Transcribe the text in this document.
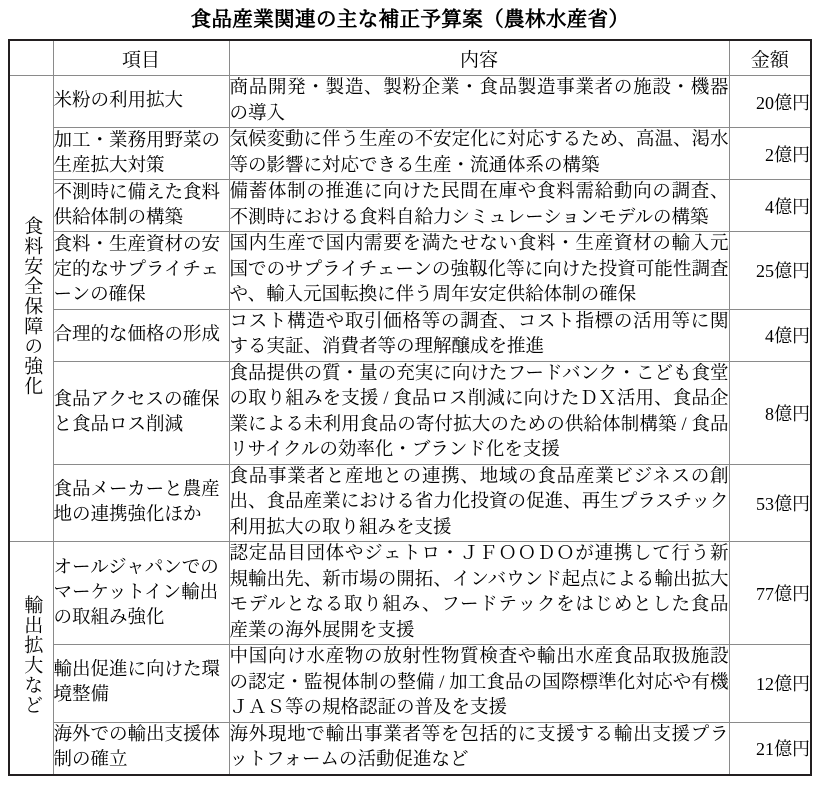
食品産業関連の主な補正予算案（農林水産省）
	項目	内容	金額
食料安全保障の強化	米粉の利用拡大	商品開発・製造、製粉企業・食品製造事業者の施設・機器の導入	20億円
	加工・業務用野菜の生産拡大対策	気候変動に伴う生産の不安定化に対応するため、高温、渇水等の影響に対応できる生産・流通体系の構築	2億円
	不測時に備えた食料供給体制の構築	備蓄体制の推進に向けた民間在庫や食料需給動向の調査、不測時における食料自給力シミュレーションモデルの構築	4億円
	食料・生産資材の安定的なサプライチェーンの確保	国内生産で国内需要を満たせない食料・生産資材の輸入元国でのサプライチェーンの強靱化等に向けた投資可能性調査や、輸入元国転換に伴う周年安定供給体制の確保	25億円
	合理的な価格の形成	コスト構造や取引価格等の調査、コスト指標の活用等に関する実証、消費者等の理解醸成を推進	4億円
	食品アクセスの確保と食品ロス削減	食品提供の質・量の充実に向けたフードバンク・こども食堂の取り組みを支援 / 食品ロス削減に向けたＤＸ活用、食品企業による未利用食品の寄付拡大のための供給体制構築 / 食品リサイクルの効率化・ブランド化を支援	8億円
	食品メーカーと農産地の連携強化ほか	食品事業者と産地との連携、地域の食品産業ビジネスの創出、食品産業における省力化投資の促進、再生プラスチック利用拡大の取り組みを支援	53億円
輸出拡大など	オールジャパンでのマーケットイン輸出の取組み強化	認定品目団体やジェトロ・ＪＦＯＯＤＯが連携して行う新規輸出先、新市場の開拓、インバウンド起点による輸出拡大モデルとなる取り組み、フードテックをはじめとした食品産業の海外展開を支援	77億円
	輸出促進に向けた環境整備	中国向け水産物の放射性物質検査や輸出水産食品取扱施設の認定・監視体制の整備 / 加工食品の国際標準化対応や有機ＪＡＳ等の規格認証の普及を支援	12億円
	海外での輸出支援体制の確立	海外現地で輸出事業者等を包括的に支援する輸出支援プラットフォームの活動促進など	21億円
